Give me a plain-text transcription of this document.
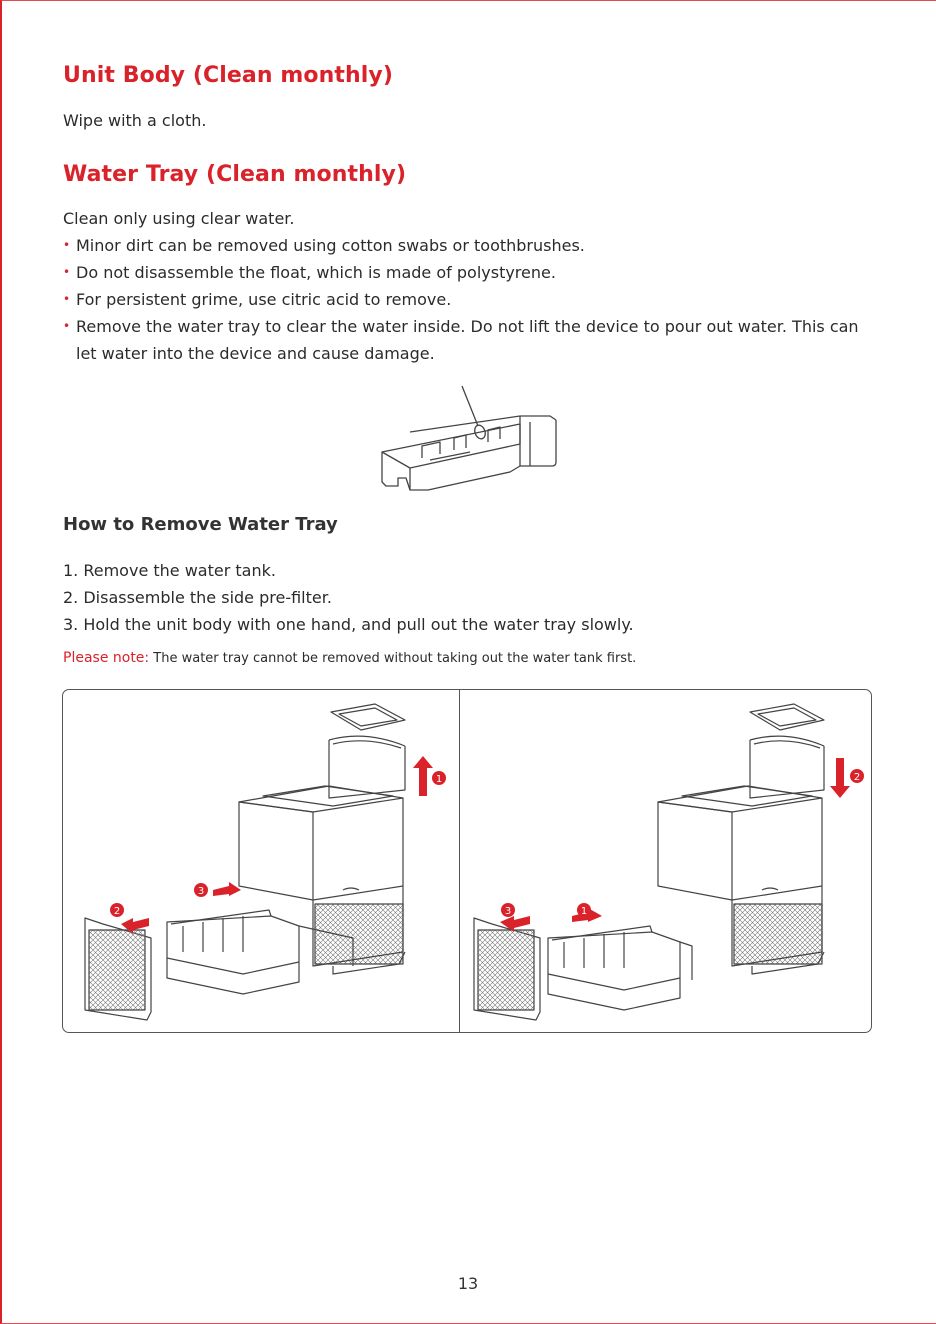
Unit Body (Clean monthly)

Wipe with a cloth.

Water Tray (Clean monthly)

Clean only using clear water.

• Minor dirt can be removed using cotton swabs or toothbrushes.
• Do not disassemble the float, which is made of polystyrene.
• For persistent grime, use citric acid to remove.
• Remove the water tray to clear the water inside. Do not lift the device to pour out water. This can let water into the device and cause damage.
How to Remove Water Tray
1. Remove the water tank.
2. Disassemble the side pre-filter.
3. Hold the unit body with one hand, and pull out the water tray slowly.

Please note: The water tray cannot be removed without taking out the water tank first.

1
2
3
2
3	1
13
